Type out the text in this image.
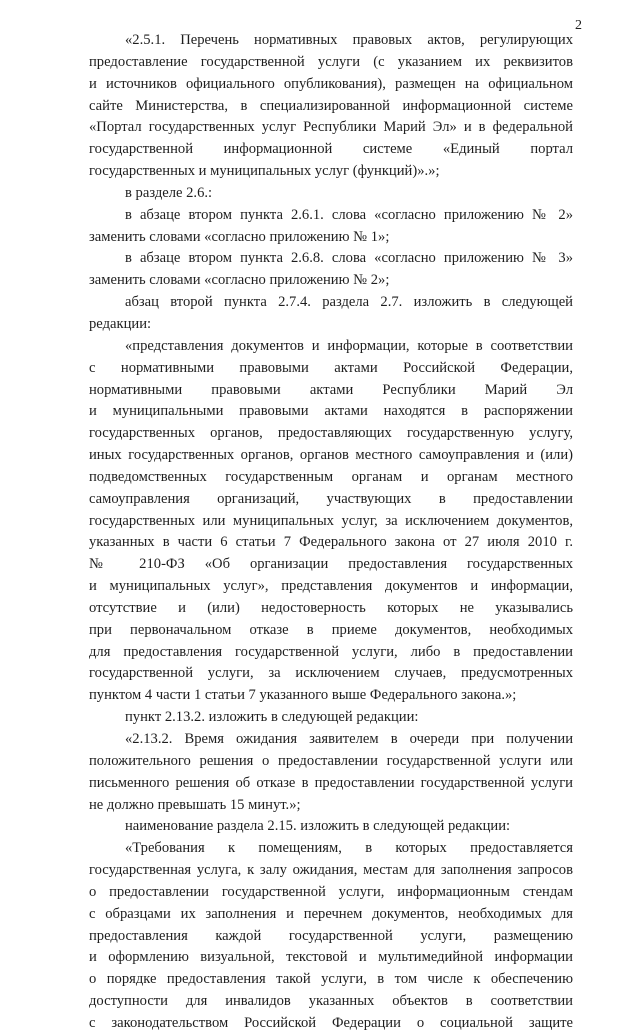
2
«2.5.1. Перечень нормативных правовых актов, регулирующих
предоставление государственной услуги (с указанием их реквизитов
и источников официального опубликования), размещен на официальном
сайте Министерства, в специализированной информационной системе
«Портал государственных услуг Республики Марий Эл» и в федеральной
государственной информационной системе «Единый портал
государственных и муниципальных услуг (функций)».»;
в разделе 2.6.:
в абзаце втором пункта 2.6.1. слова «согласно приложению № 2»
заменить словами «согласно приложению № 1»;
в абзаце втором пункта 2.6.8. слова «согласно приложению № 3»
заменить словами «согласно приложению № 2»;
абзац второй пункта 2.7.4. раздела 2.7. изложить в следующей
редакции:
«представления документов и информации, которые в соответствии
с нормативными правовыми актами Российской Федерации,
нормативными правовыми актами Республики Марий Эл
и муниципальными правовыми актами находятся в распоряжении
государственных органов, предоставляющих государственную услугу,
иных государственных органов, органов местного самоуправления и (или)
подведомственных государственным органам и органам местного
самоуправления организаций, участвующих в предоставлении
государственных или муниципальных услуг, за исключением документов,
указанных в части 6 статьи 7 Федерального закона от 27 июля 2010 г.
№ 210-ФЗ «Об организации предоставления государственных
и муниципальных услуг», представления документов и информации,
отсутствие и (или) недостоверность которых не указывались
при первоначальном отказе в приеме документов, необходимых
для предоставления государственной услуги, либо в предоставлении
государственной услуги, за исключением случаев, предусмотренных
пунктом 4 части 1 статьи 7 указанного выше Федерального закона.»;
пункт 2.13.2. изложить в следующей редакции:
«2.13.2. Время ожидания заявителем в очереди при получении
положительного решения о предоставлении государственной услуги или
письменного решения об отказе в предоставлении государственной услуги
не должно превышать 15 минут.»;
наименование раздела 2.15. изложить в следующей редакции:
«Требования к помещениям, в которых предоставляется
государственная услуга, к залу ожидания, местам для заполнения запросов
о предоставлении государственной услуги, информационным стендам
с образцами их заполнения и перечнем документов, необходимых для
предоставления каждой государственной услуги, размещению
и оформлению визуальной, текстовой и мультимедийной информации
о порядке предоставления такой услуги, в том числе к обеспечению
доступности для инвалидов указанных объектов в соответствии
с законодательством Российской Федерации о социальной защите
